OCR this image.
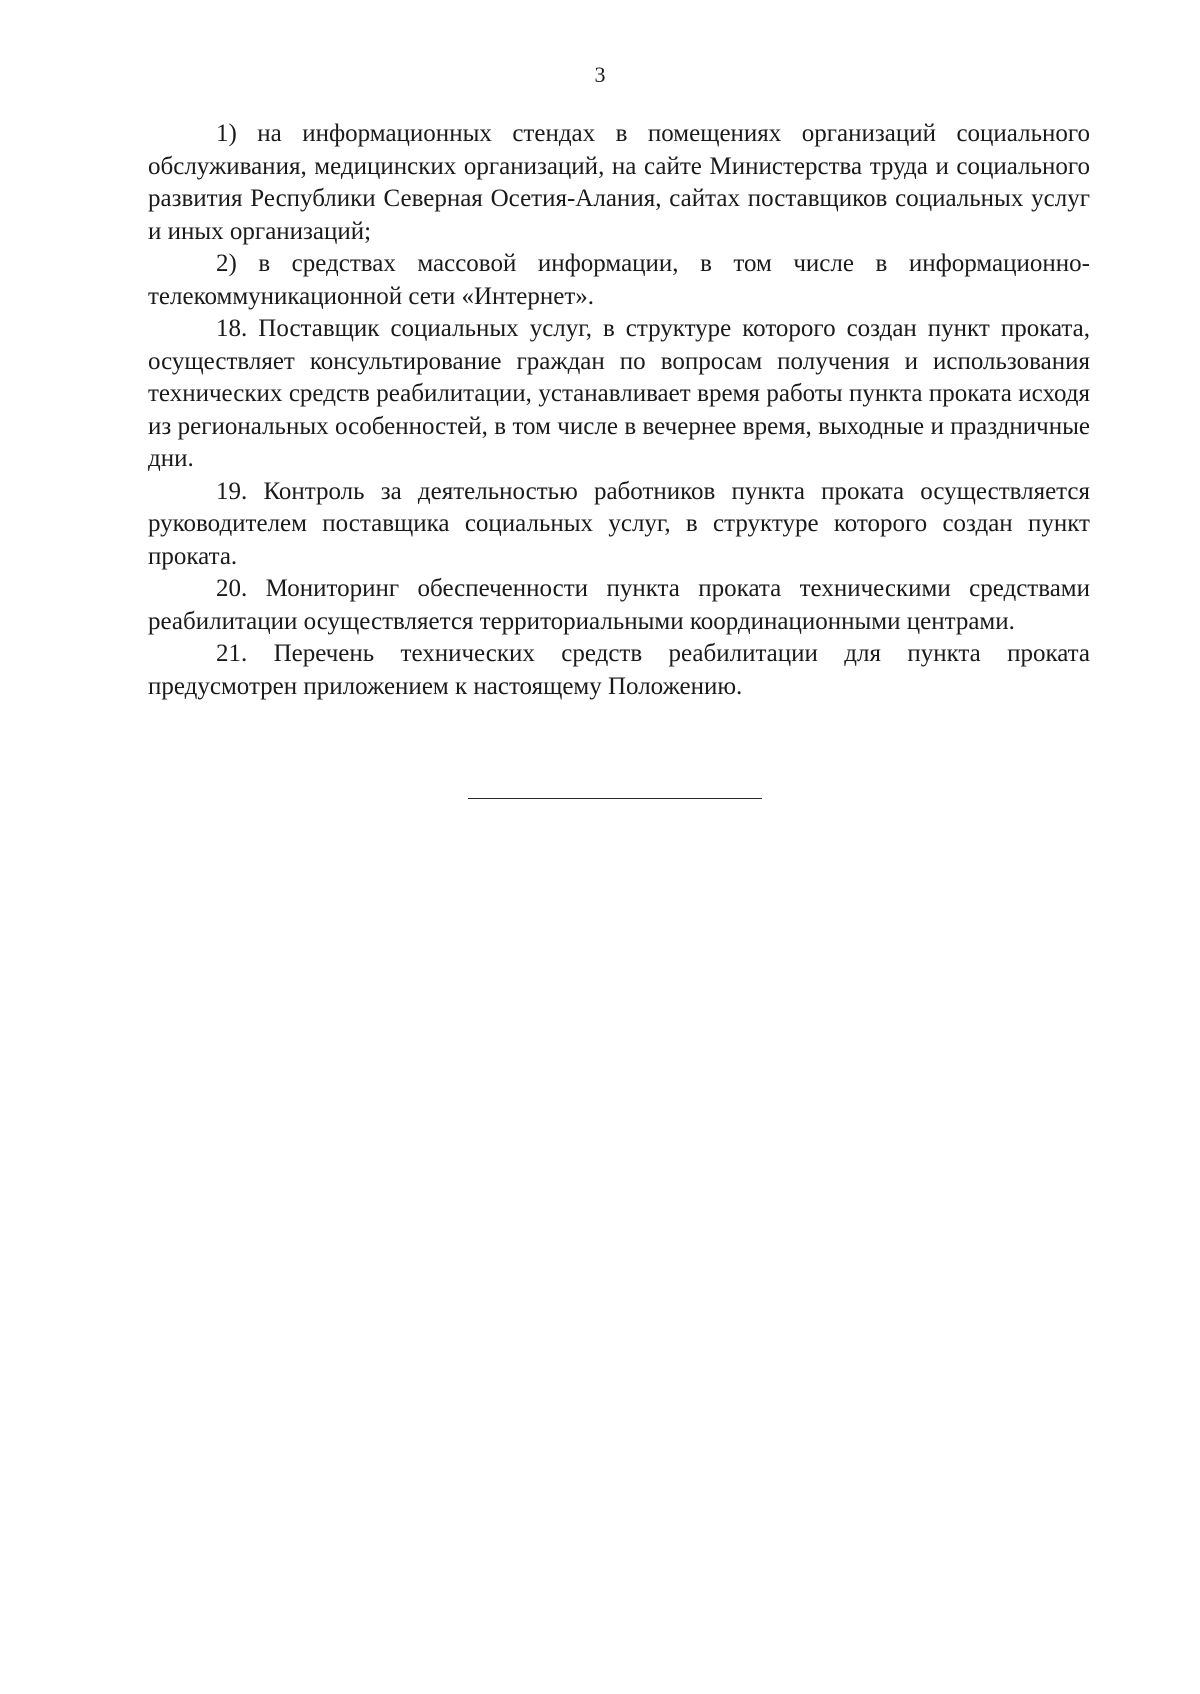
3

1) на информационных стендах в помещениях организаций социального обслуживания, медицинских организаций, на сайте Министерства труда и социального развития Республики Северная Осетия-Алания, сайтах поставщиков социальных услуг и иных организаций;

2) в средствах массовой информации, в том числе в информационно-телекоммуникационной сети «Интернет».

18. Поставщик социальных услуг, в структуре которого создан пункт проката, осуществляет консультирование граждан по вопросам получения и использования технических средств реабилитации, устанавливает время работы пункта проката исходя из региональных особенностей, в том числе в вечернее время, выходные и праздничные дни.

19. Контроль за деятельностью работников пункта проката осуществляется руководителем поставщика социальных услуг, в структуре которого создан пункт проката.

20. Мониторинг обеспеченности пункта проката техническими средствами реабилитации осуществляется территориальными координационными центрами.

21. Перечень технических средств реабилитации для пункта проката предусмотрен приложением к настоящему Положению.
